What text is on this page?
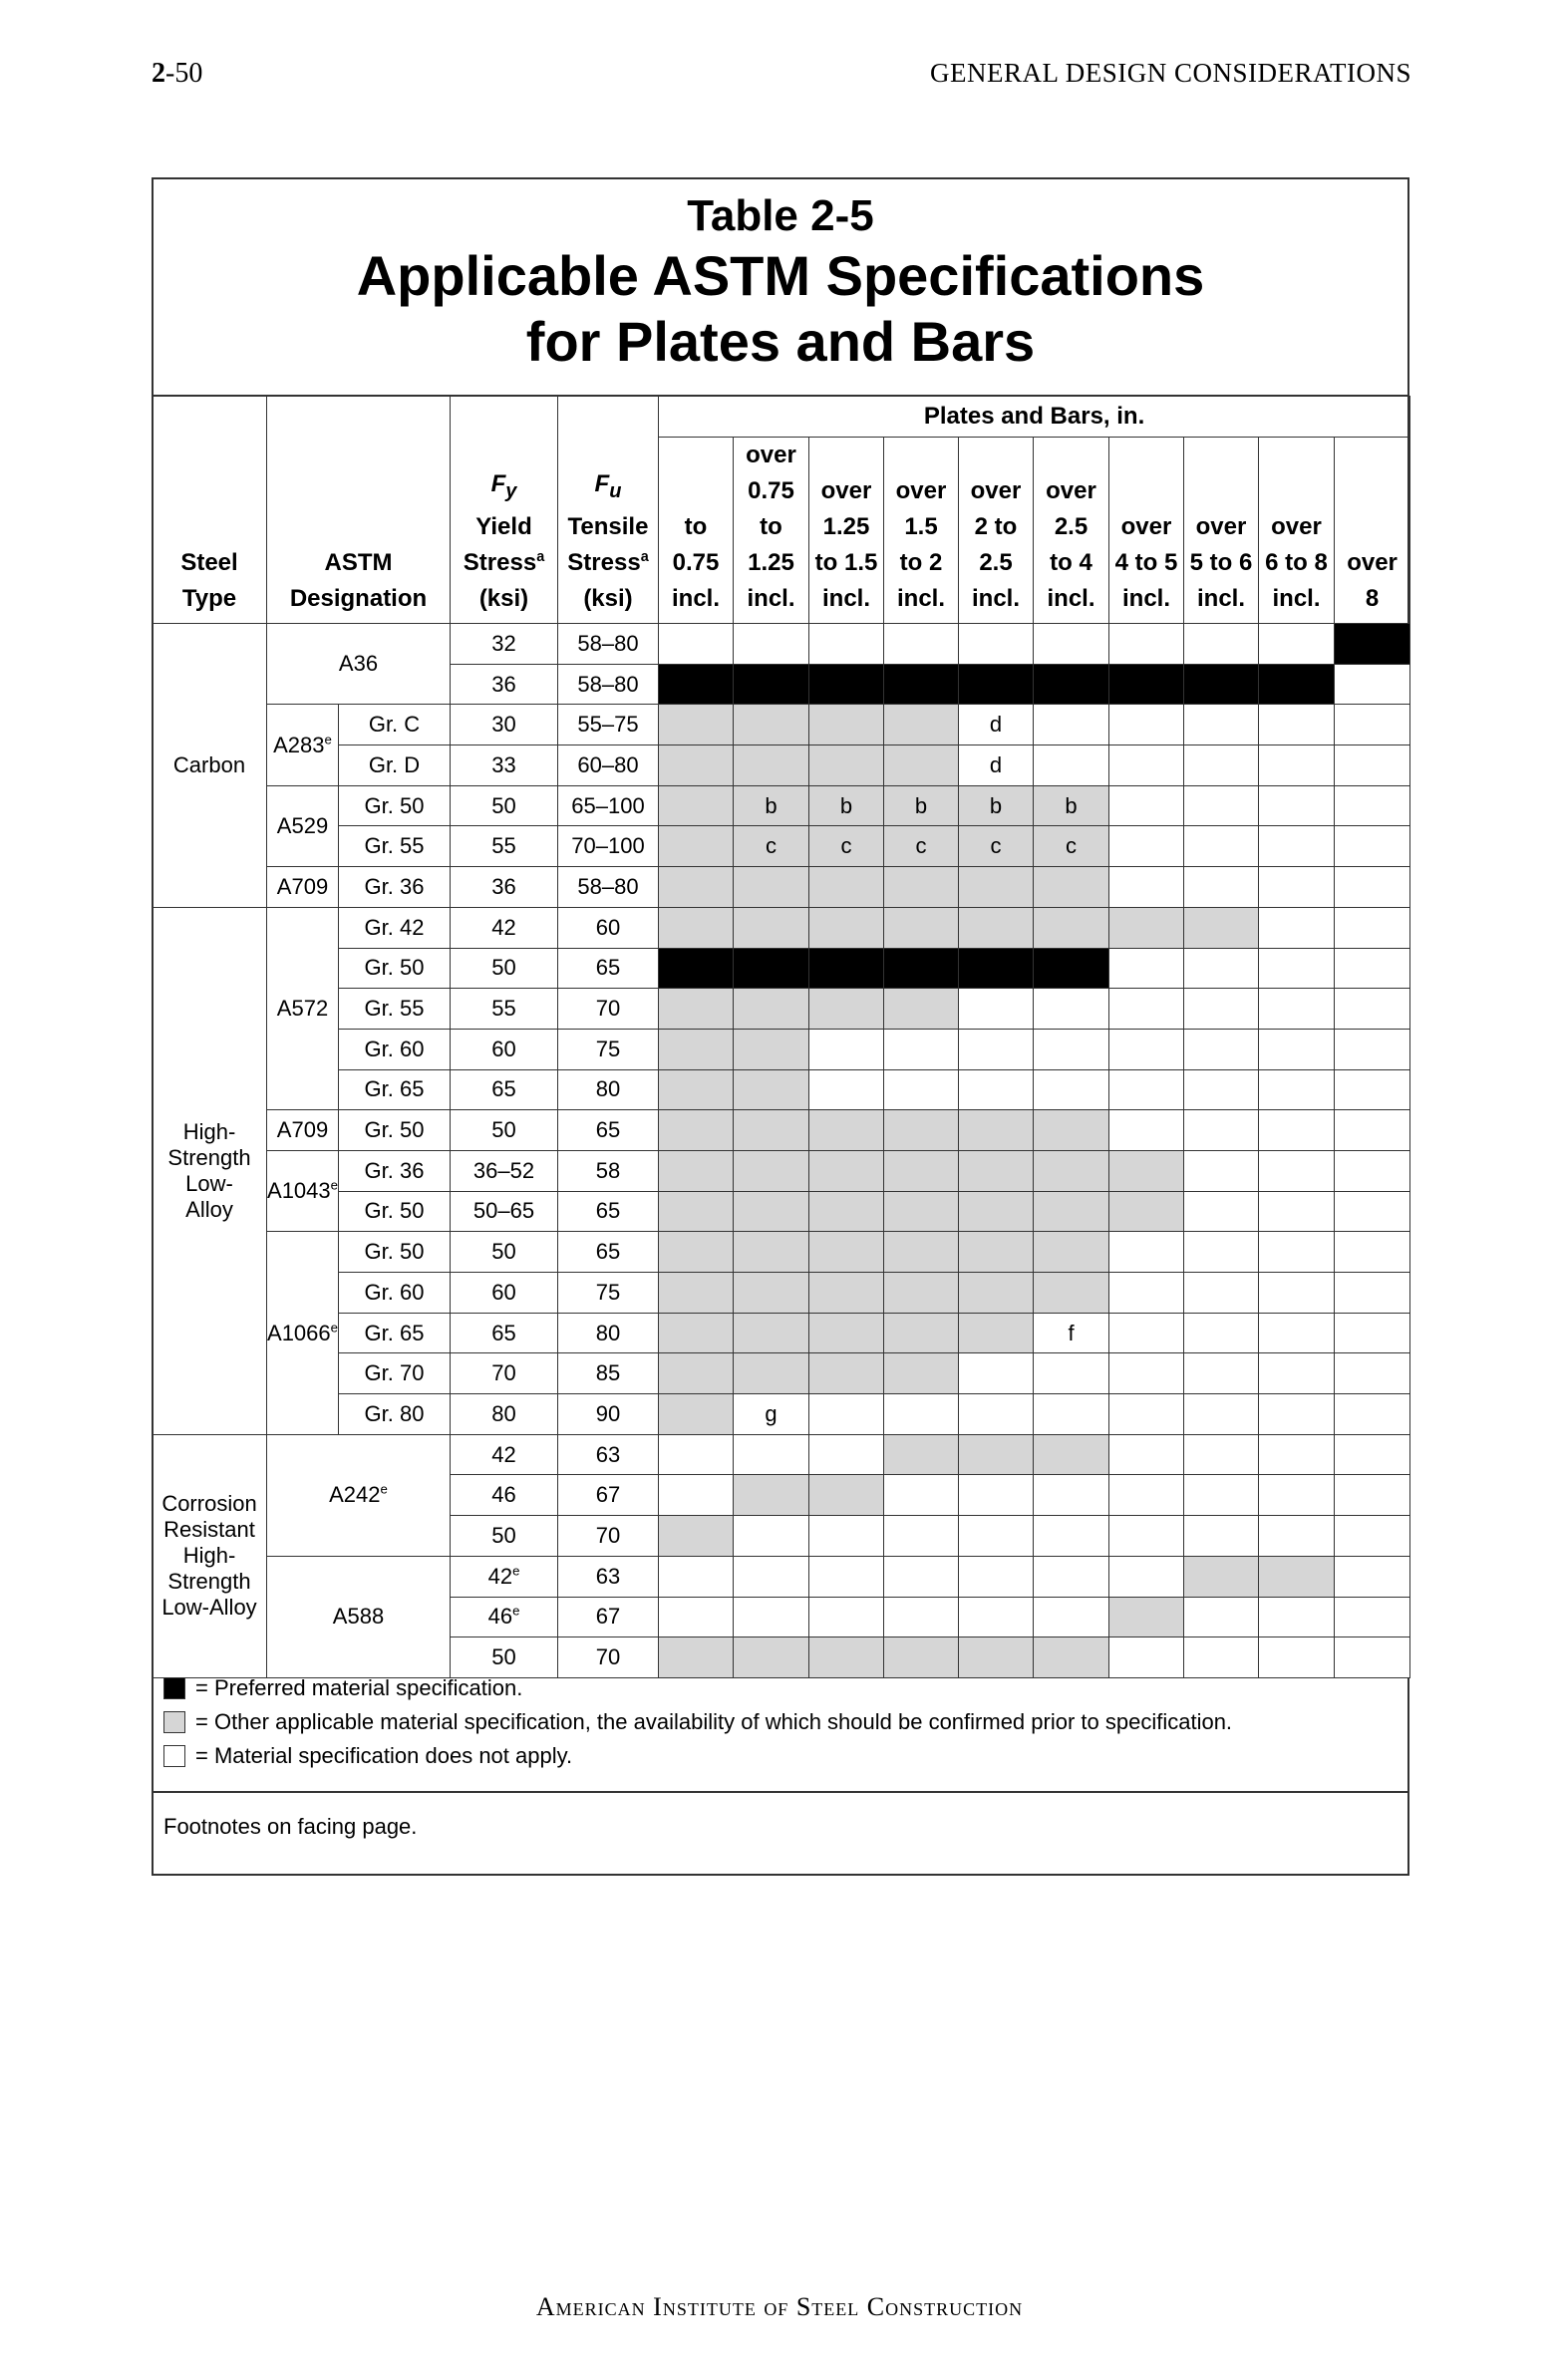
2-50	GENERAL DESIGN CONSIDERATIONS
Table 2-5
Applicable ASTM Specifications
for Plates and Bars
Steel
Type	ASTM
Designation		$F_y$
Yield
Stress$^a$
(ksi)	$F_u$
Tensile
Stress$^a$
(ksi)	Plates and Bars, in.									
					to
0.75
incl.	over
0.75 to
1.25
incl.	over
1.25
to 1.5
incl.	over
1.5
to 2
incl.	over
2 to
2.5
incl.	over
2.5
to 4
incl.	over
4 to 5
incl.	over
5 to 6
incl.	over
6 to 8
incl.	over
8
Carbon	A36		32	58–80										
			36	58–80										
	A283e	Gr. C	30	55–75					d					
		Gr. D	33	60–80					d					
	A529	Gr. 50	50	65–100		b	b	b	b	b				
		Gr. 55	55	70–100		c	c	c	c	c				
	A709	Gr. 36	36	58–80										
High-
Strength
Low-
Alloy	A572	Gr. 42	42	60										
		Gr. 50	50	65										
		Gr. 55	55	70										
		Gr. 60	60	75										
		Gr. 65	65	80										
	A709	Gr. 50	50	65										
	A1043e	Gr. 36	36–52	58										
		Gr. 50	50–65	65										
	A1066e	Gr. 50	50	65										
		Gr. 60	60	75										
		Gr. 65	65	80						f				
		Gr. 70	70	85										
		Gr. 80	80	90		g								
Corrosion
Resistant
High-
Strength
Low-Alloy	A242e		42	63										
			46	67										
			50	70										
	A588		42e	63										
			46e	67										
			50	70										
= Preferred material specification.
= Other applicable material specification, the availability of which should be confirmed prior to specification.
= Material specification does not apply.
Footnotes on facing page.
American Institute of Steel Construction
